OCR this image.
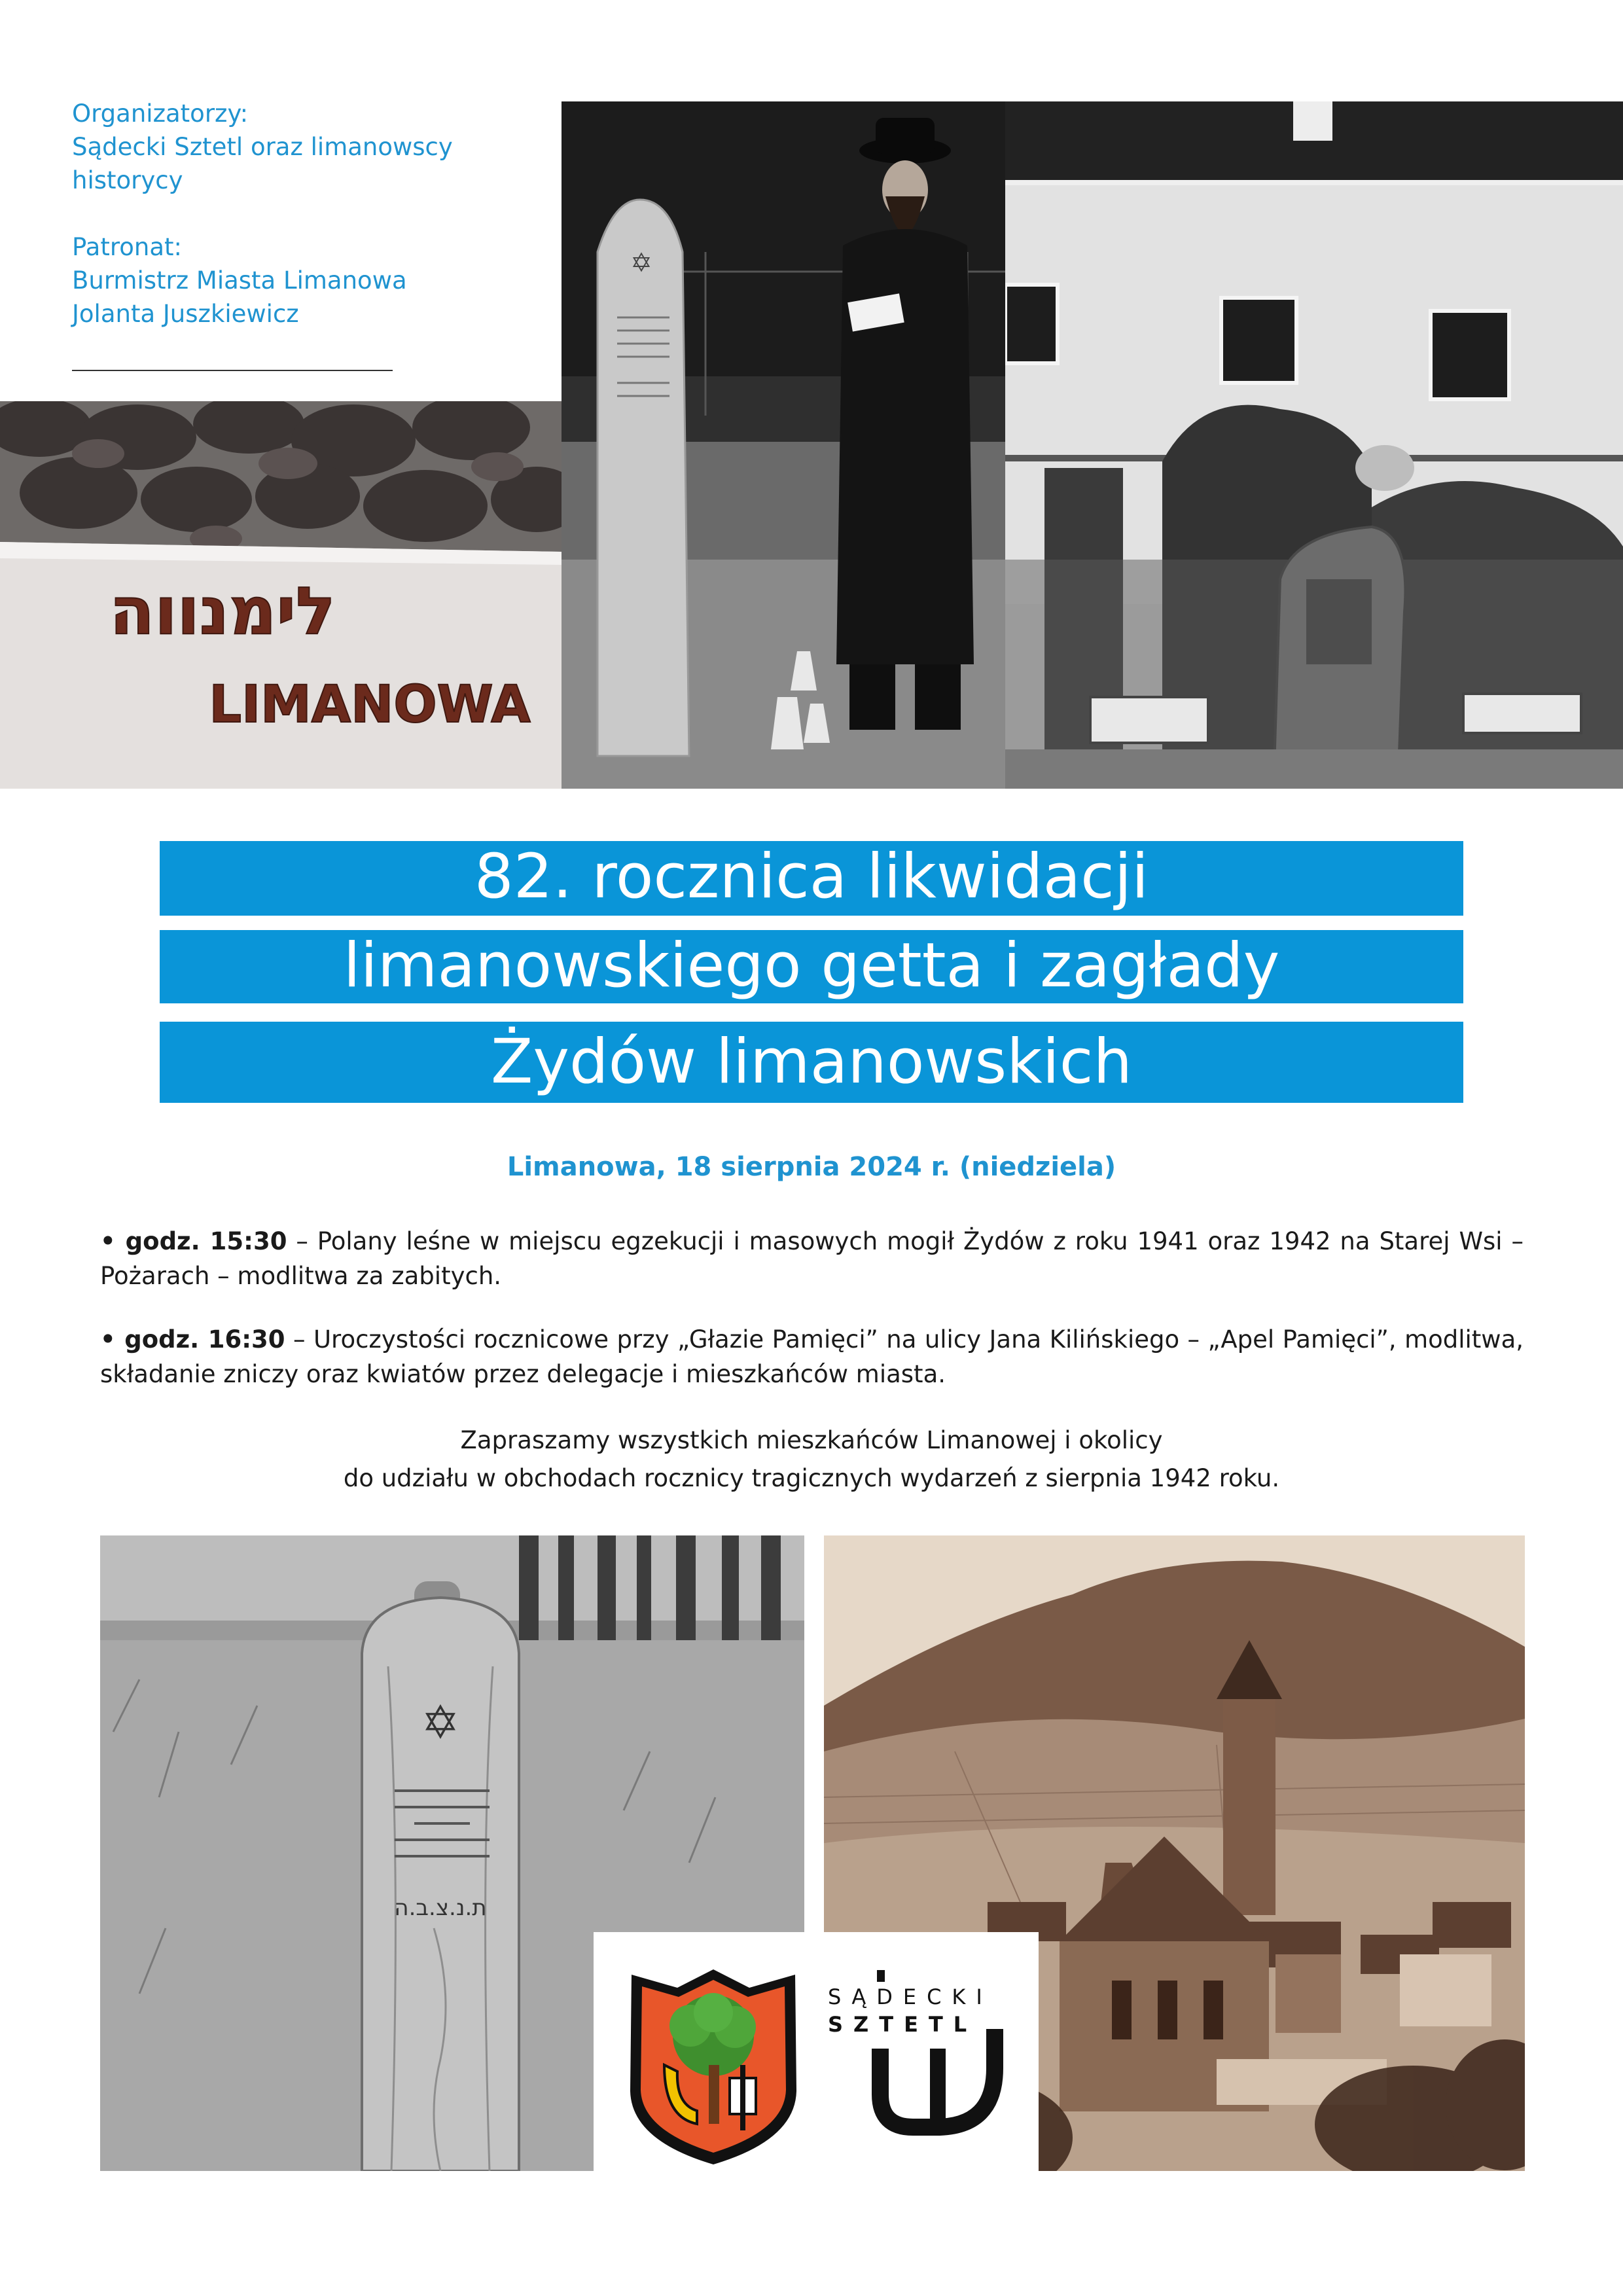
Organizatorzy:
Sądecki Sztetl oraz limanowscy
historycy
Patronat:
Burmistrz Miasta Limanowa
Jolanta Juszkiewicz
לימנווה
LIMANOWA
✡
82. rocznica likwidacji
limanowskiego getta i zagłady
Żydów limanowskich
Limanowa, 18 sierpnia 2024 r. (niedziela)
• godz. 15:30 – Polany leśne w miejscu egzekucji i masowych mogił Żydów z roku 1941 oraz 1942 na Starej Wsi – Pożarach – modlitwa za zabitych.
• godz. 16:30 – Uroczystości rocznicowe przy „Głazie Pamięci” na ulicy Jana Kilińskiego – „Apel Pamięci”, modlitwa, składanie zniczy oraz kwiatów przez delegacje i mieszkańców miasta.
Zapraszamy wszystkich mieszkańców Limanowej i okolicy
do udziału w obchodach rocznicy tragicznych wydarzeń z sierpnia 1942 roku.
✡
ת.נ.צ.ב.ה
SĄDECKI
SZTETL
